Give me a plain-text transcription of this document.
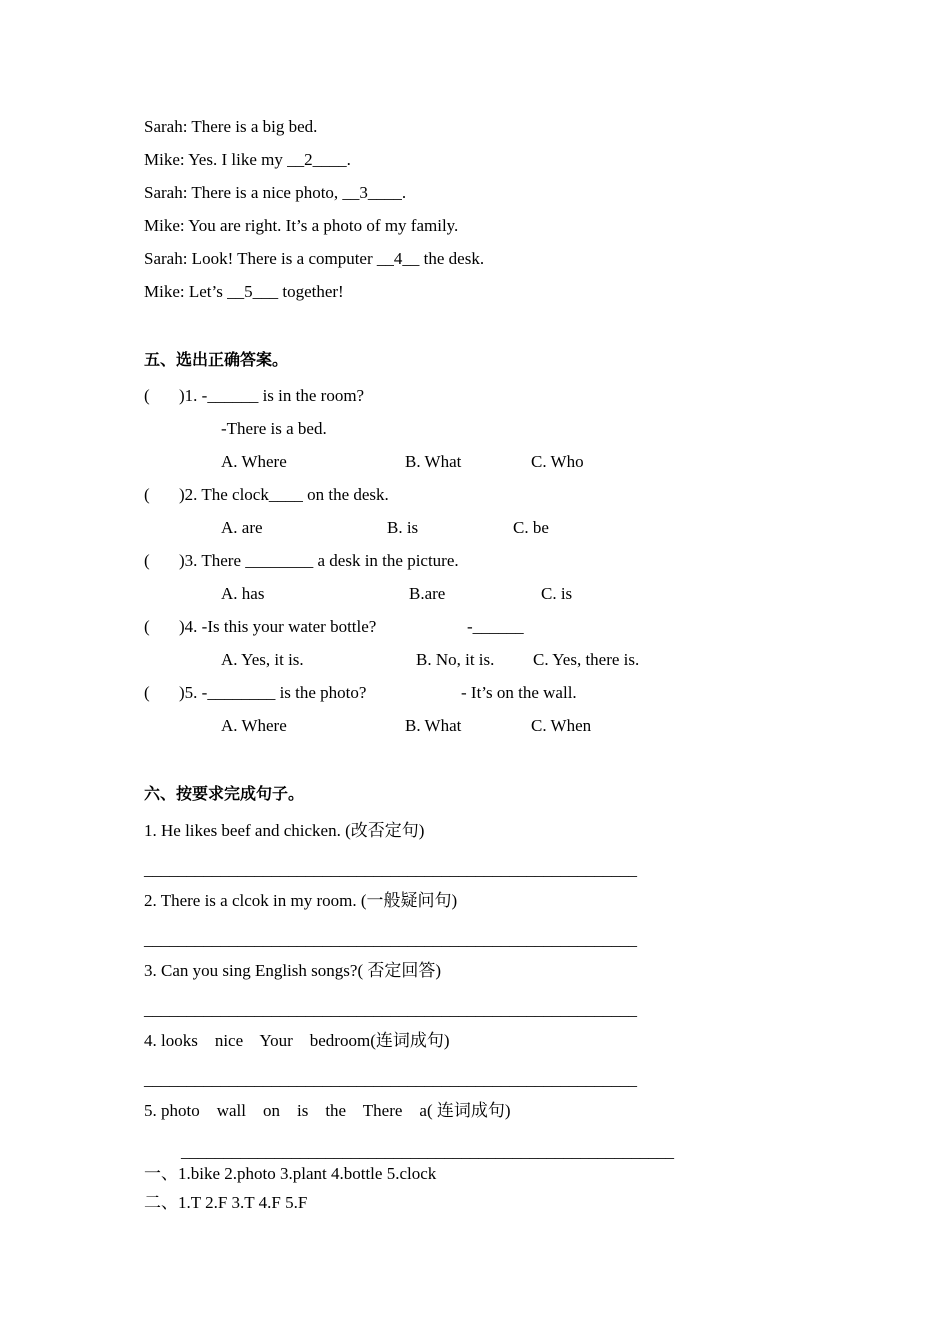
Sarah: There is a big bed.
Mike: Yes. I like my __2____.
Sarah: There is a nice photo, __3____.
Mike: You are right. It’s a photo of my family.
Sarah: Look! There is a computer __4__ the desk.
Mike: Let’s __5___ together!
五、选出正确答案。
( )1. -______ is in the room?
-There is a bed.
A. Where	B. What	C. Who
( )2. The clock____ on the desk.
A. are	B. is	C. be
( )3. There ________ a desk in the picture.
A. has	B.are	C. is
( )4. -Is this your water bottle?	-______
A. Yes, it is.	B. No, it is. C. Yes, there is.
( )5. -________ is the photo?	- It’s on the wall.
A. Where	B. What	C. When
六、按要求完成句子。
1. He likes beef and chicken. (改否定句)
__________________________________________________________
2. There is a clcok in my room. (一般疑问句)
__________________________________________________________
3. Can you sing English songs?( 否定回答)
__________________________________________________________
4. looks    nice    Your    bedroom(连词成句)
__________________________________________________________
5. photo    wall    on    is    the    There    a( 连词成句)
__________________________________________________________
一、1.bike 2.photo 3.plant 4.bottle 5.clock
二、1.T 2.F 3.T 4.F 5.F
